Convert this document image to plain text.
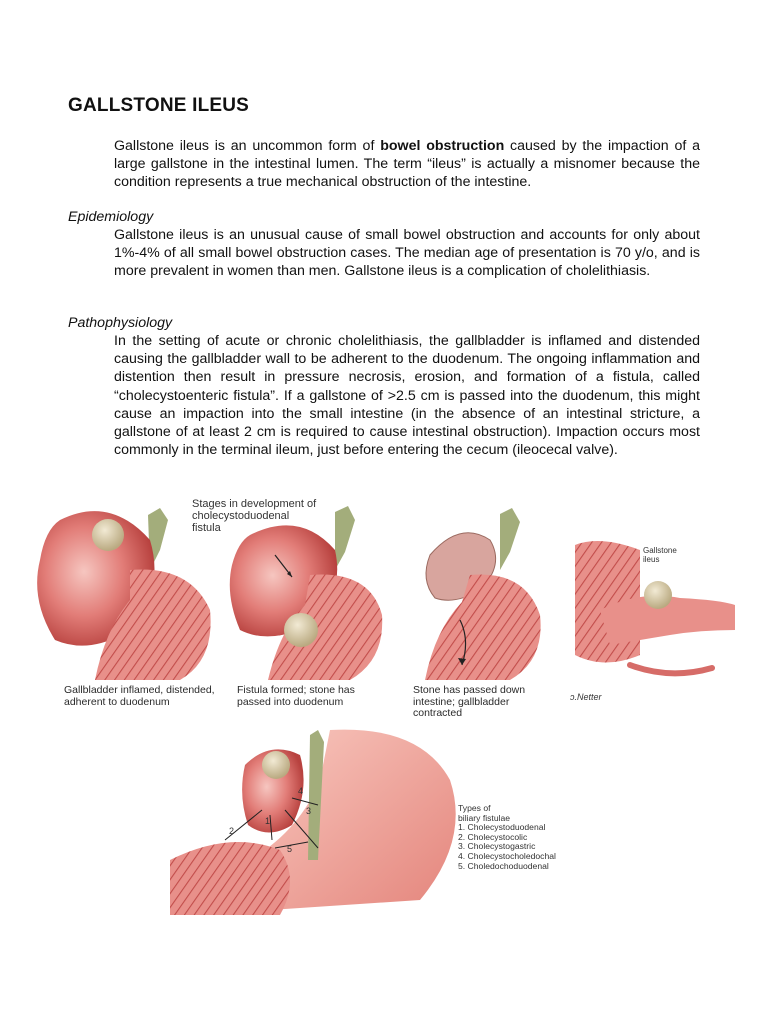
GALLSTONE ILEUS

Gallstone ileus is an uncommon form of bowel obstruction caused by the impaction of a large gallstone in the intestinal lumen. The term “ileus” is actually a misnomer because the condition represents a true mechanical obstruction of the intestine.

Epidemiology

Gallstone ileus is an unusual cause of small bowel obstruction and accounts for only about 1%-4% of all small bowel obstruction cases. The median age of presentation is 70 y/o, and is more prevalent in women than men. Gallstone ileus is a complication of cholelithiasis.

Pathophysiology

In the setting of acute or chronic cholelithiasis, the gallbladder is inflamed and distended causing the gallbladder wall to be adherent to the duodenum. The ongoing inflammation and distention then result in pressure necrosis, erosion, and formation of a fistula, called “cholecystoenteric fistula”. If a gallstone of >2.5 cm is passed into the duodenum, this might cause an impaction into the small intestine (in the absence of an intestinal stricture, a gallstone of at least 2 cm is required to cause intestinal obstruction). Impaction occurs most commonly in the terminal ileum, just before entering the cecum (ileocecal valve).

2
1
3
4
5
Stages in development of
cholecystoduodenal
fistula
Gallstone
ileus
ↄ.Netter
Gallbladder inflamed, distended,
adherent to duodenum
Fistula formed; stone has
passed into duodenum
Stone has passed down
intestine; gallbladder
contracted
Types of
biliary fistulae
1. Cholecystoduodenal
2. Cholecystocolic
3. Cholecystogastric
4. Cholecystocholedochal
5. Choledochoduodenal
